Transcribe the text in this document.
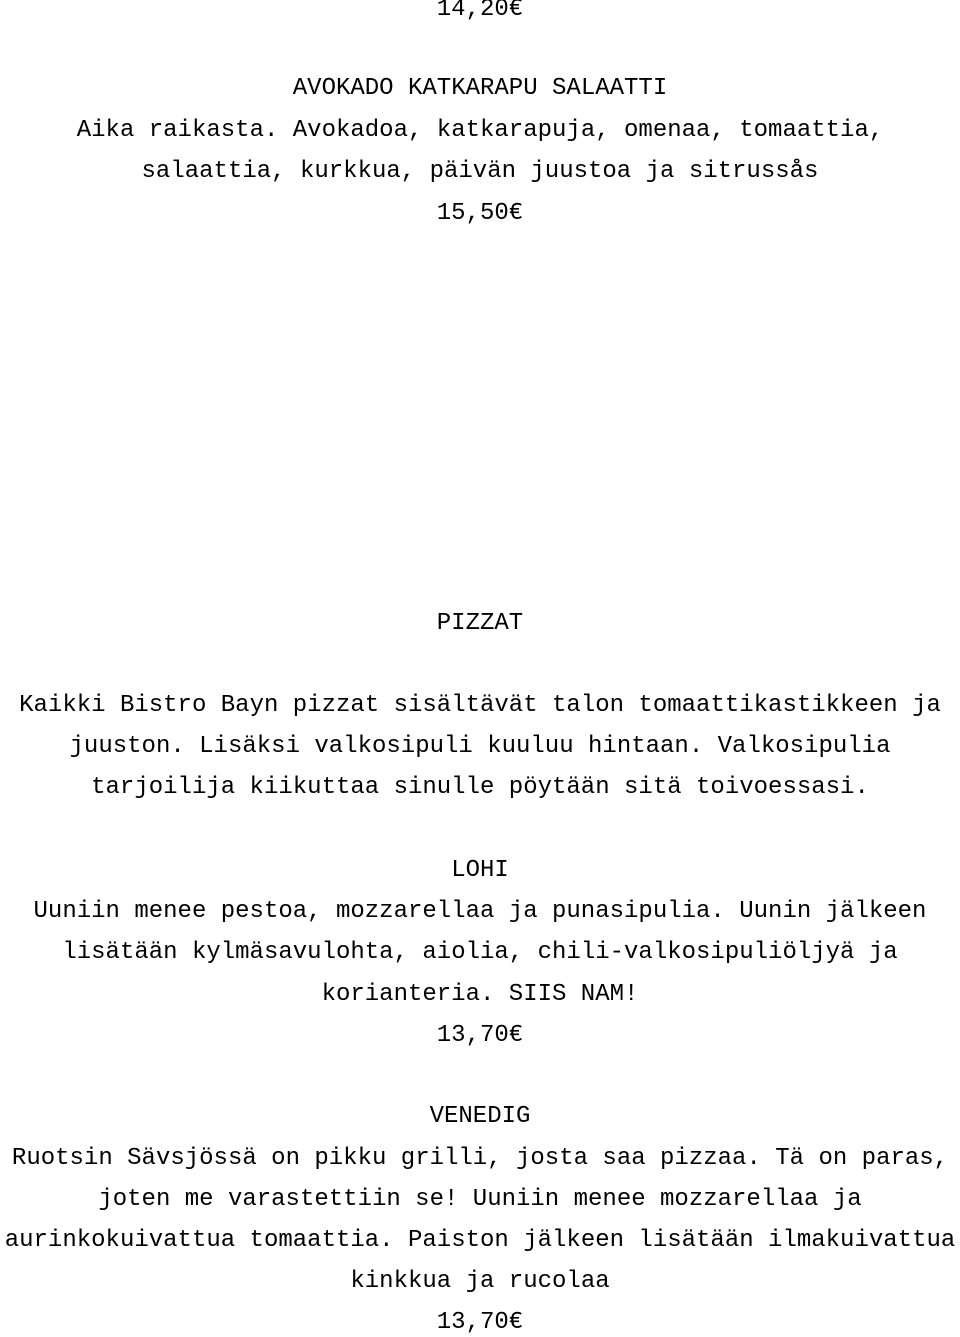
14,20€
AVOKADO KATKARAPU SALAATTI
Aika raikasta. Avokadoa, katkarapuja, omenaa, tomaattia,
salaattia, kurkkua, päivän juustoa ja sitrussås
15,50€
PIZZAT
Kaikki Bistro Bayn pizzat sisältävät talon tomaattikastikkeen ja
juuston. Lisäksi valkosipuli kuuluu hintaan. Valkosipulia
tarjoilija kiikuttaa sinulle pöytään sitä toivoessasi.
LOHI
Uuniin menee pestoa, mozzarellaa ja punasipulia. Uunin jälkeen
lisätään kylmäsavulohta, aiolia, chili-valkosipuliöljyä ja
korianteria. SIIS NAM!
13,70€
VENEDIG
Ruotsin Sävsjössä on pikku grilli, josta saa pizzaa. Tä on paras,
joten me varastettiin se! Uuniin menee mozzarellaa ja
aurinkokuivattua tomaattia. Paiston jälkeen lisätään ilmakuivattua
kinkkua ja rucolaa
13,70€
